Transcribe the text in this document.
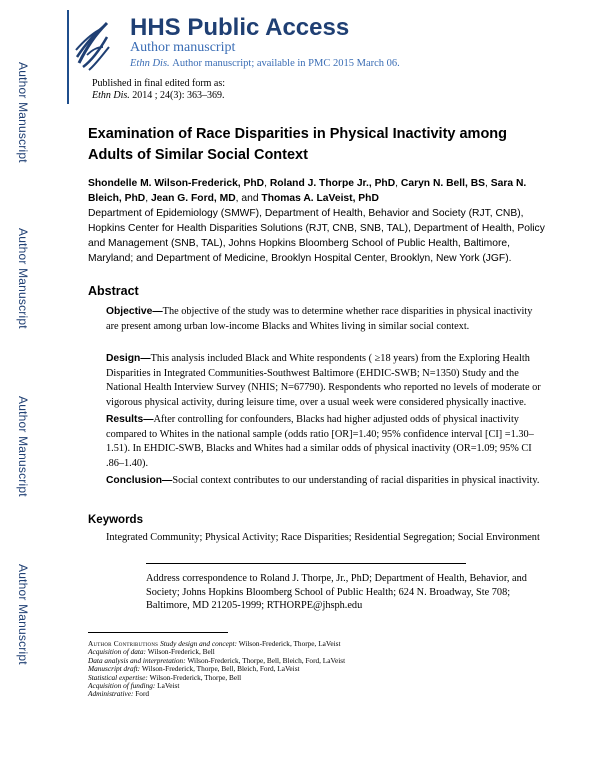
Author Manuscript
Author Manuscript
Author Manuscript
Author Manuscript
HHS Public Access
Author manuscript
Ethn Dis. Author manuscript; available in PMC 2015 March 06.
Published in final edited form as:
Ethn Dis. 2014 ; 24(3): 363–369.
Examination of Race Disparities in Physical Inactivity among Adults of Similar Social Context
Shondelle M. Wilson-Frederick, PhD, Roland J. Thorpe Jr., PhD, Caryn N. Bell, BS, Sara N. Bleich, PhD, Jean G. Ford, MD, and Thomas A. LaVeist, PhD
Department of Epidemiology (SMWF), Department of Health, Behavior and Society (RJT, CNB), Hopkins Center for Health Disparities Solutions (RJT, CNB, SNB, TAL), Department of Health, Policy and Management (SNB, TAL), Johns Hopkins Bloomberg School of Public Health, Baltimore, Maryland; and Department of Medicine, Brooklyn Hospital Center, Brooklyn, New York (JGF).
Abstract
Objective—The objective of the study was to determine whether race disparities in physical inactivity are present among urban low-income Blacks and Whites living in similar social context.
Design—This analysis included Black and White respondents ( ≥18 years) from the Exploring Health Disparities in Integrated Communities-Southwest Baltimore (EHDIC-SWB; N=1350) Study and the National Health Interview Survey (NHIS; N=67790). Respondents who reported no levels of moderate or vigorous physical activity, during leisure time, over a usual week were considered physically inactive.
Results—After controlling for confounders, Blacks had higher adjusted odds of physical inactivity compared to Whites in the national sample (odds ratio [OR]=1.40; 95% confidence interval [CI] =1.30–1.51). In EHDIC-SWB, Blacks and Whites had a similar odds of physical inactivity (OR=1.09; 95% CI .86–1.40).
Conclusion—Social context contributes to our understanding of racial disparities in physical inactivity.
Keywords
Integrated Community; Physical Activity; Race Disparities; Residential Segregation; Social Environment
Address correspondence to Roland J. Thorpe, Jr., PhD; Department of Health, Behavior, and Society; Johns Hopkins Bloomberg School of Public Health; 624 N. Broadway, Ste 708; Baltimore, MD 21205-1999; RTHORPE@jhsph.edu
Author Contributions Study design and concept: Wilson-Frederick, Thorpe, LaVeist
Acquisition of data: Wilson-Frederick, Bell
Data analysis and interpretation: Wilson-Frederick, Thorpe, Bell, Bleich, Ford, LaVeist
Manuscript draft: Wilson-Frederick, Thorpe, Bell, Bleich, Ford, LaVeist
Statistical expertise: Wilson-Frederick, Thorpe, Bell
Acquisition of funding: LaVeist
Administrative: Ford
